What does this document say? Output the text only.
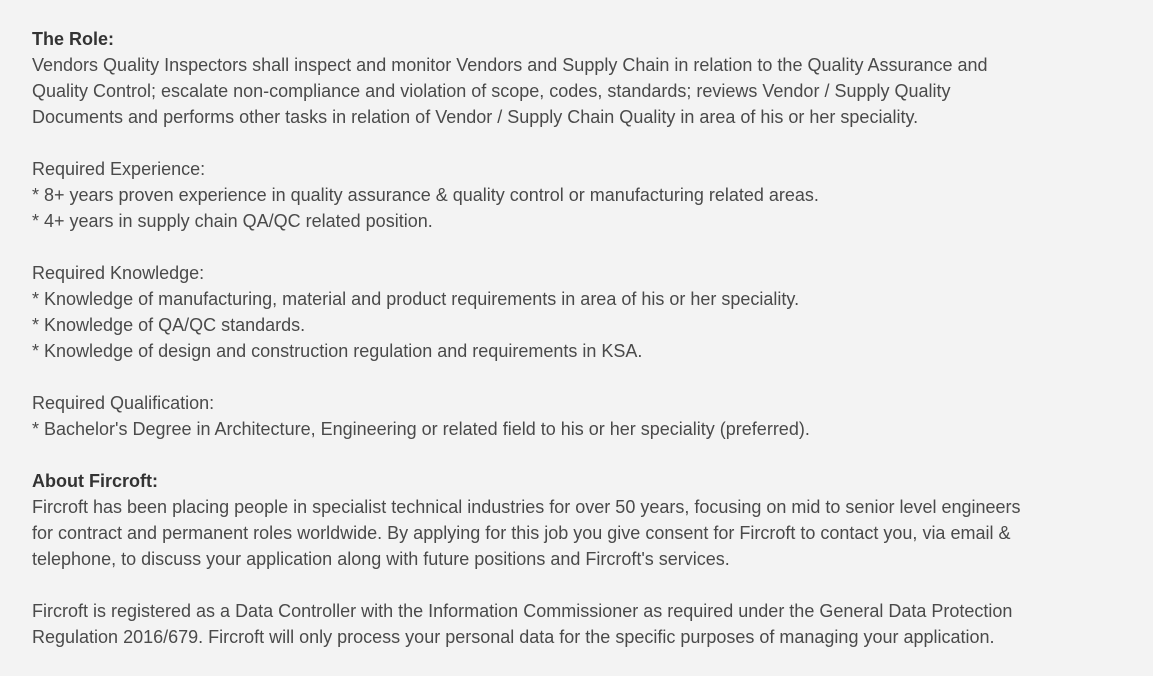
The Role:
Vendors Quality Inspectors shall inspect and monitor Vendors and Supply Chain in relation to the Quality Assurance and
Quality Control; escalate non-compliance and violation of scope, codes, standards; reviews Vendor / Supply Quality
Documents and performs other tasks in relation of Vendor / Supply Chain Quality in area of his or her speciality.
Required Experience:
* 8+ years proven experience in quality assurance & quality control or manufacturing related areas.
* 4+ years in supply chain QA/QC related position.
Required Knowledge:
* Knowledge of manufacturing, material and product requirements in area of his or her speciality.
* Knowledge of QA/QC standards.
* Knowledge of design and construction regulation and requirements in KSA.
Required Qualification:
* Bachelor's Degree in Architecture, Engineering or related field to his or her speciality (preferred).
About Fircroft:
Fircroft has been placing people in specialist technical industries for over 50 years, focusing on mid to senior level engineers
for contract and permanent roles worldwide. By applying for this job you give consent for Fircroft to contact you, via email &
telephone, to discuss your application along with future positions and Fircroft's services.
Fircroft is registered as a Data Controller with the Information Commissioner as required under the General Data Protection
Regulation 2016/679. Fircroft will only process your personal data for the specific purposes of managing your application.
